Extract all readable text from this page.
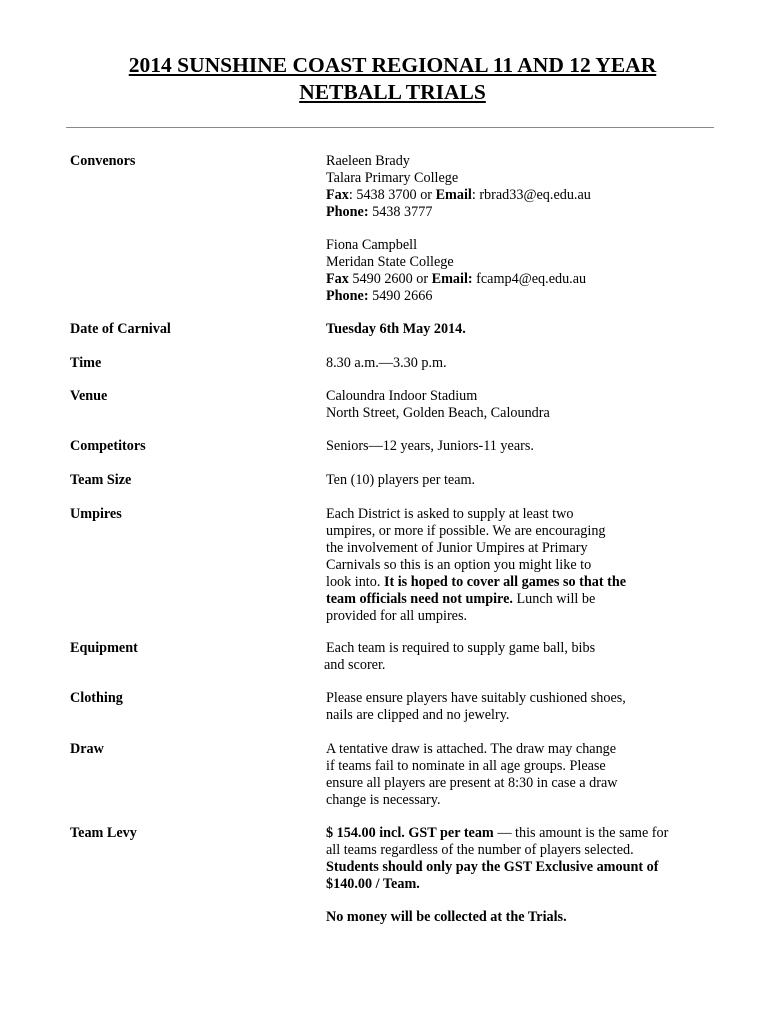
2014 SUNSHINE COAST REGIONAL 11 AND 12 YEAR
NETBALL TRIALS
Convenors	Raeleen Brady
Talara Primary College
Fax: 5438 3700 or Email: rbrad33@eq.edu.au
Phone: 5438 3777
Fiona Campbell
Meridan State College
Fax 5490 2600 or Email: fcamp4@eq.edu.au
Phone: 5490 2666
Date of Carnival	Tuesday 6th May 2014.
Time	8.30 a.m.—3.30 p.m.
Venue	Caloundra Indoor Stadium
North Street, Golden Beach, Caloundra
Competitors	Seniors—12 years, Juniors-11 years.
Team Size	Ten (10) players per team.
Umpires	Each District is asked to supply at least two
umpires, or more if possible. We are encouraging
the involvement of Junior Umpires at Primary
Carnivals so this is an option you might like to
look into. It is hoped to cover all games so that the
team officials need not umpire. Lunch will be
provided for all umpires.
Equipment	Each team is required to supply game ball, bibs
and scorer.
Clothing	Please ensure players have suitably cushioned shoes,
nails are clipped and no jewelry.
Draw	A tentative draw is attached. The draw may change
if teams fail to nominate in all age groups. Please
ensure all players are present at 8:30 in case a draw
change is necessary.
Team Levy	$ 154.00 incl. GST per team — this amount is the same for
all teams regardless of the number of players selected.
Students should only pay the GST Exclusive amount of
$140.00 / Team.
No money will be collected at the Trials.
